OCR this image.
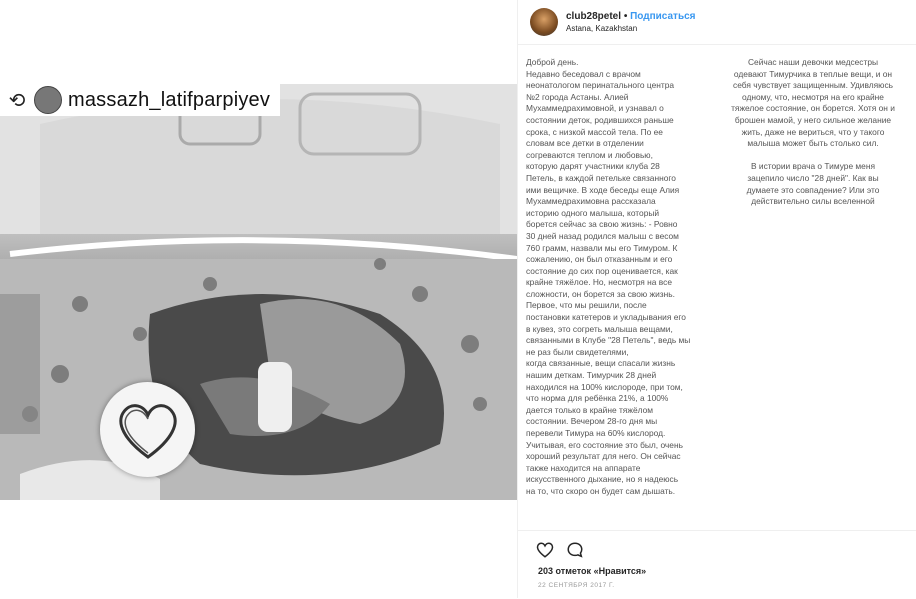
⟲ massazh_latifparpiyev
club28petel • Подписаться
Astana, Kazakhstan
Доброй день.
Недавно беседовал с врачом
неонатологом перинатального центра
№2 города Астаны. Алией
Мухаммедрахимовной, и узнавал о
состоянии деток, родившихся раньше
срока, с низкой массой тела. По ее
словам все детки в отделении
согреваются теплом и любовью,
которую дарят участники клуба 28
Петель, в каждой петельке связанного
ими вещичке. В ходе беседы еще Алия
Мухаммедрахимовна рассказала
историю одного малыша, который
борется сейчас за свою жизнь: - Ровно
30 дней назад родился малыш с весом
760 грамм, назвали мы его Тимуром. К
сожалению, он был отказанным и его
состояние до сих пор оценивается, как
крайне тяжёлое. Но, несмотря на все
сложности, он борется за свою жизнь.
Первое, что мы решили, после
постановки катетеров и укладывания его
в кувез, это согреть малыша вещами,
связанными в Клубе "28 Петель", ведь мы
не раз были свидетелями,
когда связанные, вещи спасали жизнь
нашим деткам. Тимурчик 28 дней
находился на 100% кислороде, при том,
что норма для ребёнка 21%, а 100%
дается только в крайне тяжёлом
состоянии. Вечером 28-го дня мы
перевели Тимура на 60% кислород.
Учитывая, его состояние это был, очень
хороший результат для него. Он сейчас
также находится на аппарате
искусственного дыхание, но я надеюсь
на то, что скоро он будет сам дышать.
Сейчас наши девочки медсестры
одевают Тимурчика в теплые вещи, и он
себя чувствует защищенным. Удивляюсь
одному, что, несмотря на его крайне
тяжелое состояние, он борется. Хотя он и
брошен мамой, у него сильное желание
жить, даже не вериться, что у такого
малыша может быть столько сил.

В истории врача о Тимуре меня
зацепило число "28 дней". Как вы
думаете это совпадение? Или это
действительно силы вселенной
203 отметок «Нравится»
22 СЕНТЯБРЯ 2017 Г.
